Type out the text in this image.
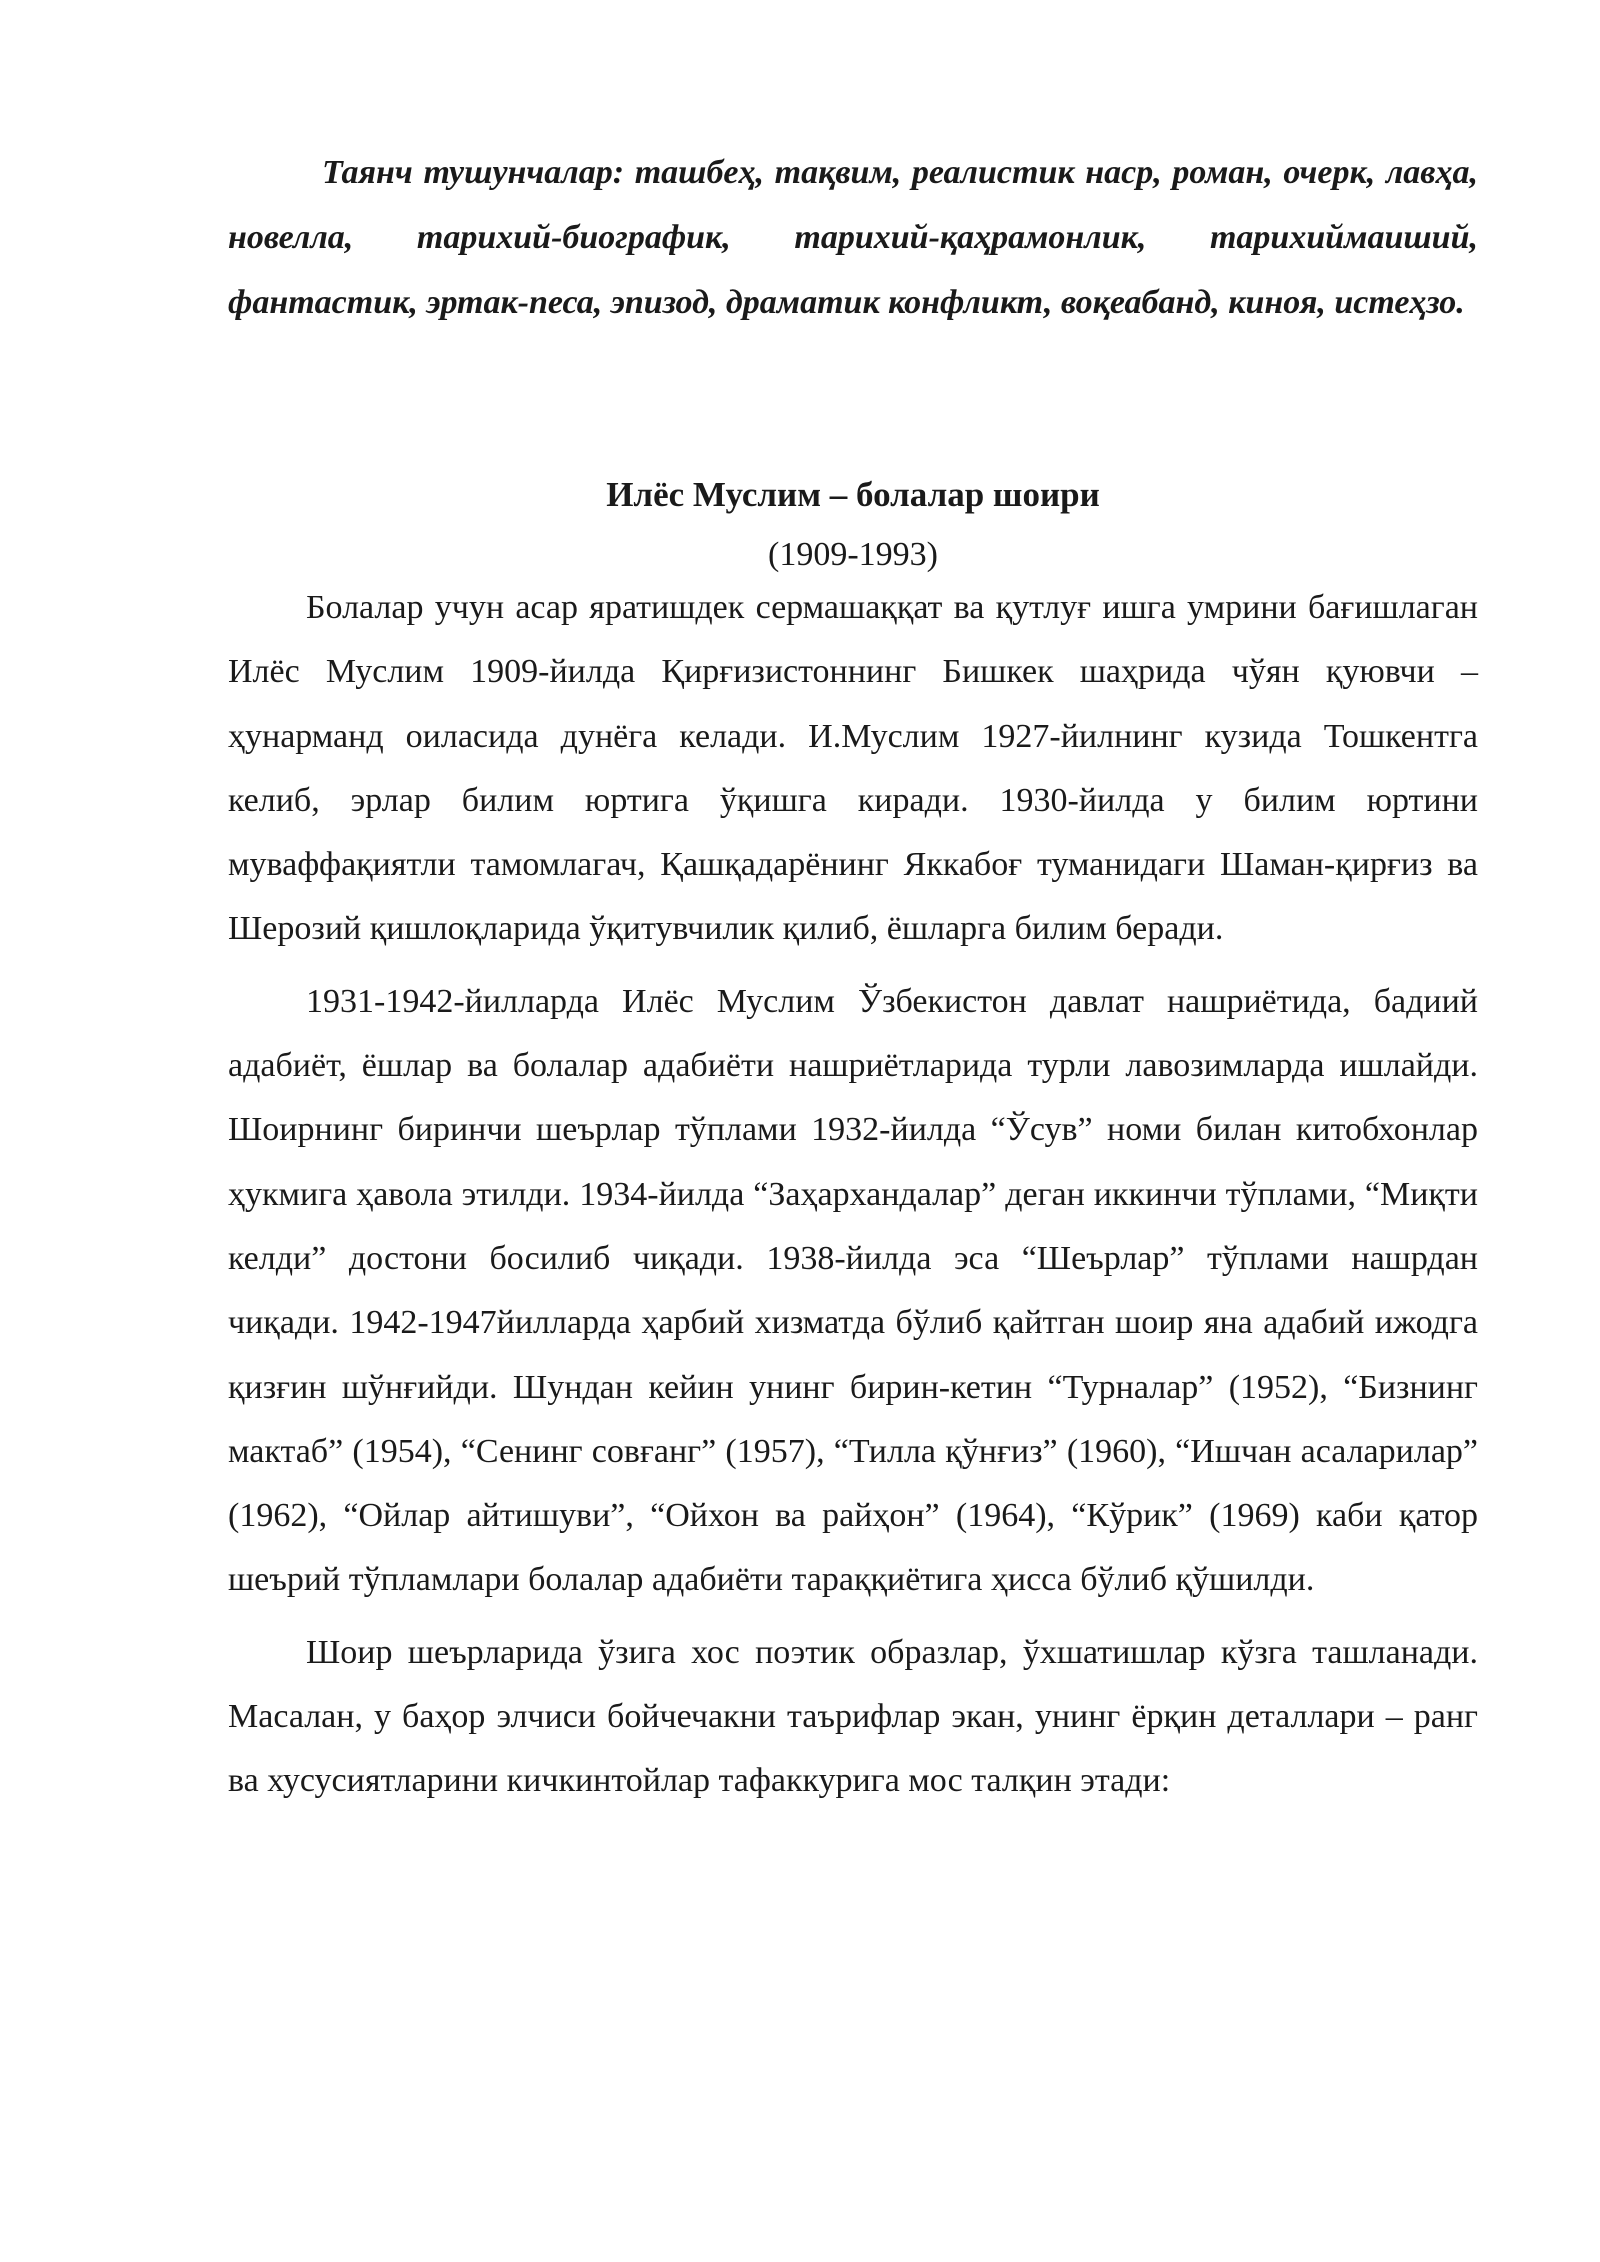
Таянч тушунчалар: ташбеҳ, тақвим, реалистик наср, роман, очерк, лавҳа, новелла, тарихий-биографик, тарихий-қаҳрамонлик, тарихиймаиший, фантастик, эртак-песа, эпизод, драматик конфликт, воқеабанд, киноя, истеҳзо.

Илёс Муслим – болалар шоири

(1909-1993)

Болалар учун асар яратишдек сермашаққат ва қутлуғ ишга умрини бағишлаган Илёс Муслим 1909-йилда Қирғизистоннинг Бишкек шаҳрида чўян қуювчи – ҳунарманд оиласида дунёга келади. И.Муслим 1927-йилнинг кузида Тошкентга келиб, эрлар билим юртига ўқишга киради. 1930-йилда у билим юртини муваффақиятли тамомлагач, Қашқадарёнинг Яккабоғ туманидаги Шаман-қирғиз ва Шерозий қишлоқларида ўқитувчилик қилиб, ёшларга билим беради.

1931-1942-йилларда Илёс Муслим Ўзбекистон давлат нашриётида, бадиий адабиёт, ёшлар ва болалар адабиёти нашриётларида турли лавозимларда ишлайди. Шоирнинг биринчи шеърлар тўплами 1932-йилда “Ўсув” номи билан китобхонлар ҳукмига ҳавола этилди. 1934-йилда “Заҳархандалар” деган иккинчи тўплами, “Миқти келди” достони босилиб чиқади. 1938-йилда эса “Шеърлар” тўплами нашрдан чиқади. 1942-1947йилларда ҳарбий хизматда бўлиб қайтган шоир яна адабий ижодга қизғин шўнғийди. Шундан кейин унинг бирин-кетин “Турналар” (1952), “Бизнинг мактаб” (1954), “Сенинг совғанг” (1957), “Тилла қўнғиз” (1960), “Ишчан асаларилар” (1962), “Ойлар айтишуви”, “Ойхон ва райҳон” (1964), “Кўрик” (1969) каби қатор шеърий тўпламлари болалар адабиёти тараққиётига ҳисса бўлиб қўшилди.

Шоир шеърларида ўзига хос поэтик образлар, ўхшатишлар кўзга ташланади. Масалан, у баҳор элчиси бойчечакни таърифлар экан, унинг ёрқин деталлари – ранг ва хусусиятларини кичкинтойлар тафаккурига мос талқин этади:
